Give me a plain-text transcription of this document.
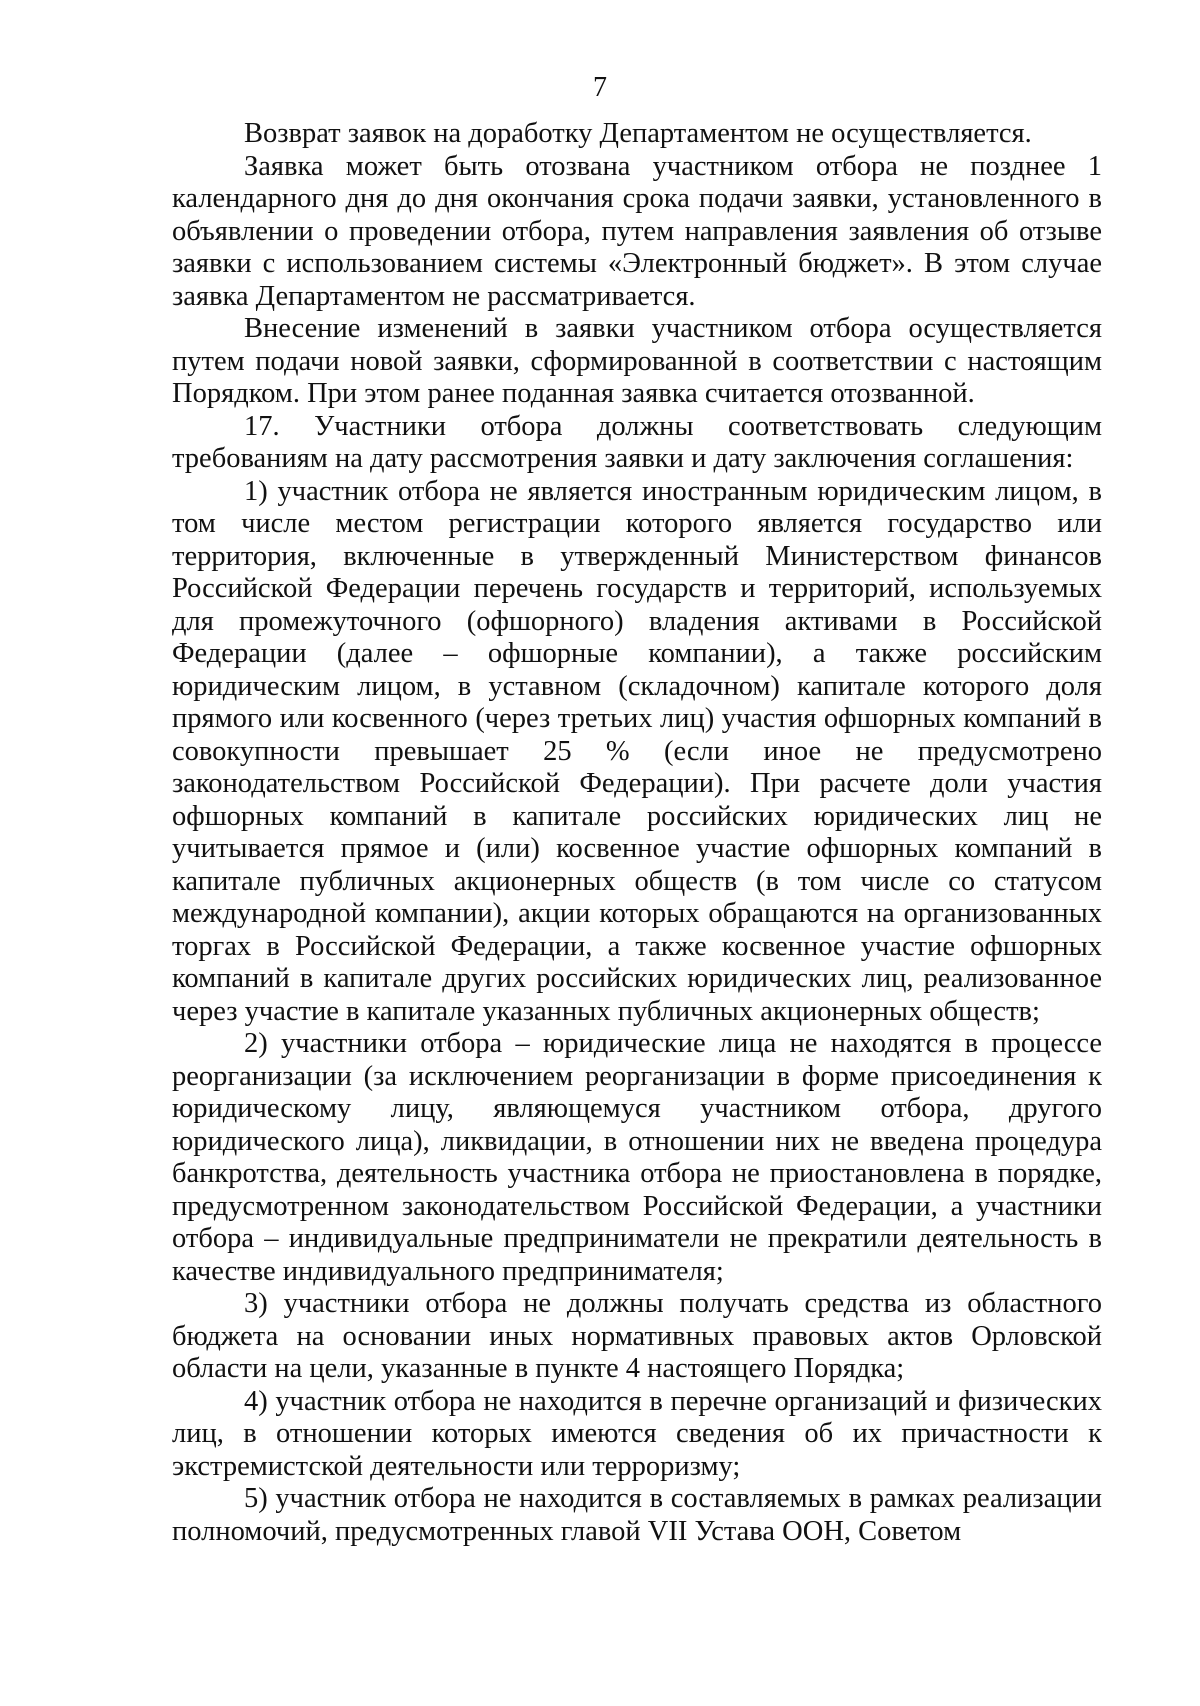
7

Возврат заявок на доработку Департаментом не осуществляется.

Заявка может быть отозвана участником отбора не позднее 1 календарного дня до дня окончания срока подачи заявки, установленного в объявлении о проведении отбора, путем направления заявления об отзыве заявки с использованием системы «Электронный бюджет». В этом случае заявка Департаментом не рассматривается.

Внесение изменений в заявки участником отбора осуществляется путем подачи новой заявки, сформированной в соответствии с настоящим Порядком. При этом ранее поданная заявка считается отозванной.

17. Участники отбора должны соответствовать следующим требованиям на дату рассмотрения заявки и дату заключения соглашения:

1) участник отбора не является иностранным юридическим лицом, в том числе местом регистрации которого является государство или территория, включенные в утвержденный Министерством финансов Российской Федерации перечень государств и территорий, используемых для промежуточного (офшорного) владения активами в Российской Федерации (далее – офшорные компании), а также российским юридическим лицом, в уставном (складочном) капитале которого доля прямого или косвенного (через третьих лиц) участия офшорных компаний в совокупности превышает 25 % (если иное не предусмотрено законодательством Российской Федерации). При расчете доли участия офшорных компаний в капитале российских юридических лиц не учитывается прямое и (или) косвенное участие офшорных компаний в капитале публичных акционерных обществ (в том числе со статусом международной компании), акции которых обращаются на организованных торгах в Российской Федерации, а также косвенное участие офшорных компаний в капитале других российских юридических лиц, реализованное через участие в капитале указанных публичных акционерных обществ;

2) участники отбора – юридические лица не находятся в процессе реорганизации (за исключением реорганизации в форме присоединения к юридическому лицу, являющемуся участником отбора, другого юридического лица), ликвидации, в отношении них не введена процедура банкротства, деятельность участника отбора не приостановлена в порядке, предусмотренном законодательством Российской Федерации, а участники отбора – индивидуальные предприниматели не прекратили деятельность в качестве индивидуального предпринимателя;

3) участники отбора не должны получать средства из областного бюджета на основании иных нормативных правовых актов Орловской области на цели, указанные в пункте 4 настоящего Порядка;

4) участник отбора не находится в перечне организаций и физических лиц, в отношении которых имеются сведения об их причастности к экстремистской деятельности или терроризму;

5) участник отбора не находится в составляемых в рамках реализации полномочий, предусмотренных главой VII Устава ООН, Советом
